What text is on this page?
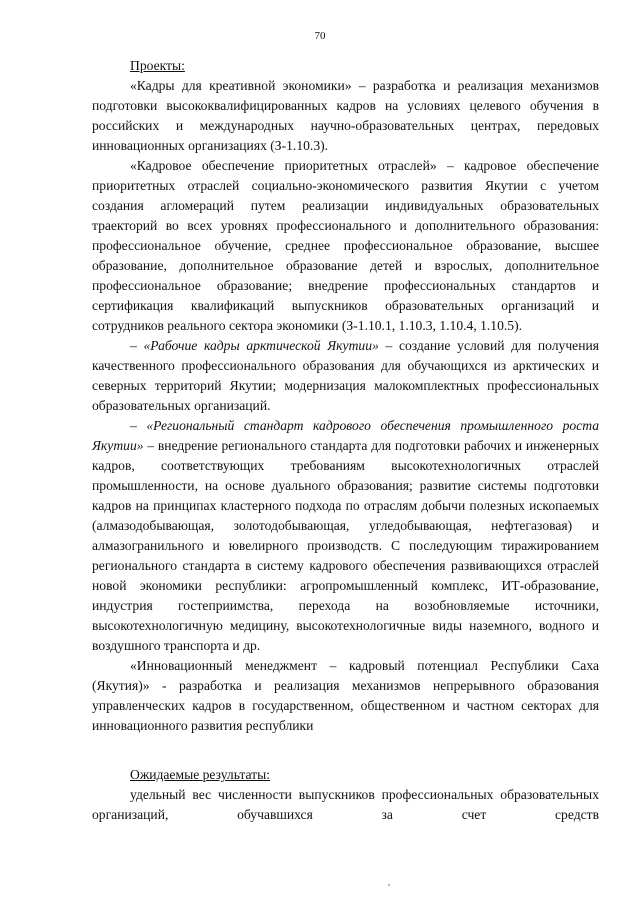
70

Проекты:

«Кадры для креативной экономики» – разработка и реализация механизмов подготовки высококвалифицированных кадров на условиях целевого обучения в российских и международных научно-образовательных центрах, передовых инновационных организациях (З-1.10.3).

«Кадровое обеспечение приоритетных отраслей» – кадровое обеспечение приоритетных отраслей социально-экономического развития Якутии с учетом создания агломераций путем реализации индивидуальных образовательных траекторий во всех уровнях профессионального и дополнительного образования: профессиональное обучение, среднее профессиональное образование, высшее образование, дополнительное образование детей и взрослых, дополнительное профессиональное образование; внедрение профессиональных стандартов и сертификация квалификаций выпускников образовательных организаций и сотрудников реального сектора экономики (З-1.10.1, 1.10.3, 1.10.4, 1.10.5).

– «Рабочие кадры арктической Якутии» – создание условий для получения качественного профессионального образования для обучающихся из арктических и северных территорий Якутии; модернизация малокомплектных профессиональных образовательных организаций.

– «Региональный стандарт кадрового обеспечения промышленного роста Якутии» – внедрение регионального стандарта для подготовки рабочих и инженерных кадров, соответствующих требованиям высокотехнологичных отраслей промышленности, на основе дуального образования; развитие системы подготовки кадров на принципах кластерного подхода по отраслям добычи полезных ископаемых (алмазодобывающая, золотодобывающая, угледобывающая, нефтегазовая) и алмазогранильного и ювелирного производств. С последующим тиражированием регионального стандарта в систему кадрового обеспечения развивающихся отраслей новой экономики республики: агропромышленный комплекс, ИТ-образование, индустрия гостеприимства, перехода на возобновляемые источники, высокотехнологичную медицину, высокотехнологичные виды наземного, водного и воздушного транспорта и др.

«Инновационный менеджмент – кадровый потенциал Республики Саха (Якутия)» - разработка и реализация механизмов непрерывного образования управленческих кадров в государственном, общественном и частном секторах для инновационного развития республики

Ожидаемые результаты:

удельный вес численности выпускников профессиональных образовательных организаций, обучавшихся за счет средств
